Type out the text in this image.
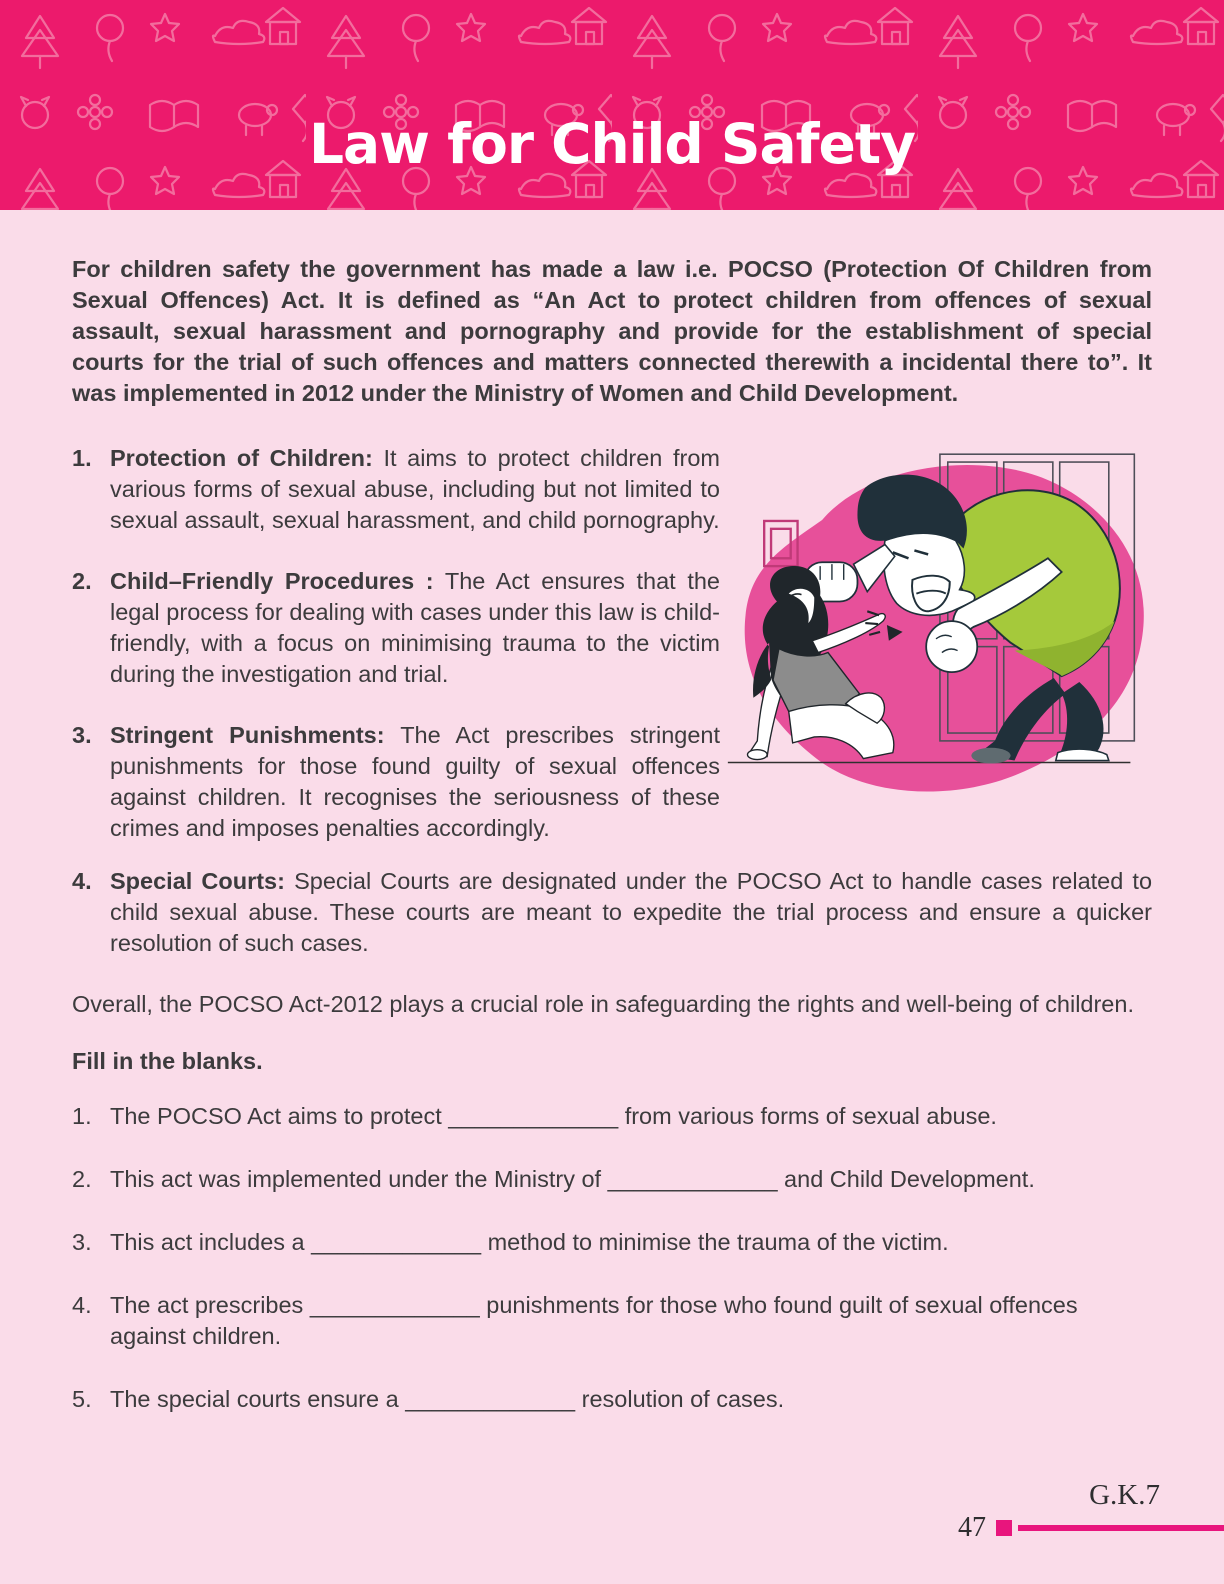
Law for Child Safety

For children safety the government has made a law i.e. POCSO (Protection Of Children from Sexual Offences) Act. It is defined as “An Act to protect children from offences of sexual assault, sexual harassment and pornography and provide for the establishment of special courts for the trial of such offences and matters connected therewith a incidental there to”. It was implemented in 2012 under the Ministry of Women and Child Development.

1. Protection of Children: It aims to protect children from various forms of sexual abuse, including but not limited to sexual assault, sexual harassment, and child pornography.

2. Child–Friendly Procedures : The Act ensures that the legal process for dealing with cases under this law is child-friendly, with a focus on minimising trauma to the victim during the investigation and trial.

3. Stringent Punishments: The Act prescribes stringent punishments for those found guilty of sexual offences against children. It recognises the seriousness of these crimes and imposes penalties accordingly.

4. Special Courts: Special Courts are designated under the POCSO Act to handle cases related to child sexual abuse. These courts are meant to expedite the trial process and ensure a quicker resolution of such cases.

Overall, the POCSO Act-2012 plays a crucial role in safeguarding the rights and well-being of children.

Fill in the blanks.

1. The POCSO Act aims to protect _____________ from various forms of sexual abuse.

2. This act was implemented under the Ministry of _____________ and Child Development.

3. This act includes a _____________ method to minimise the trauma of the victim.

4. The act prescribes _____________ punishments for those who found guilt of sexual offences against children.

5. The special courts ensure a _____________ resolution of cases.

G.K.7
47
